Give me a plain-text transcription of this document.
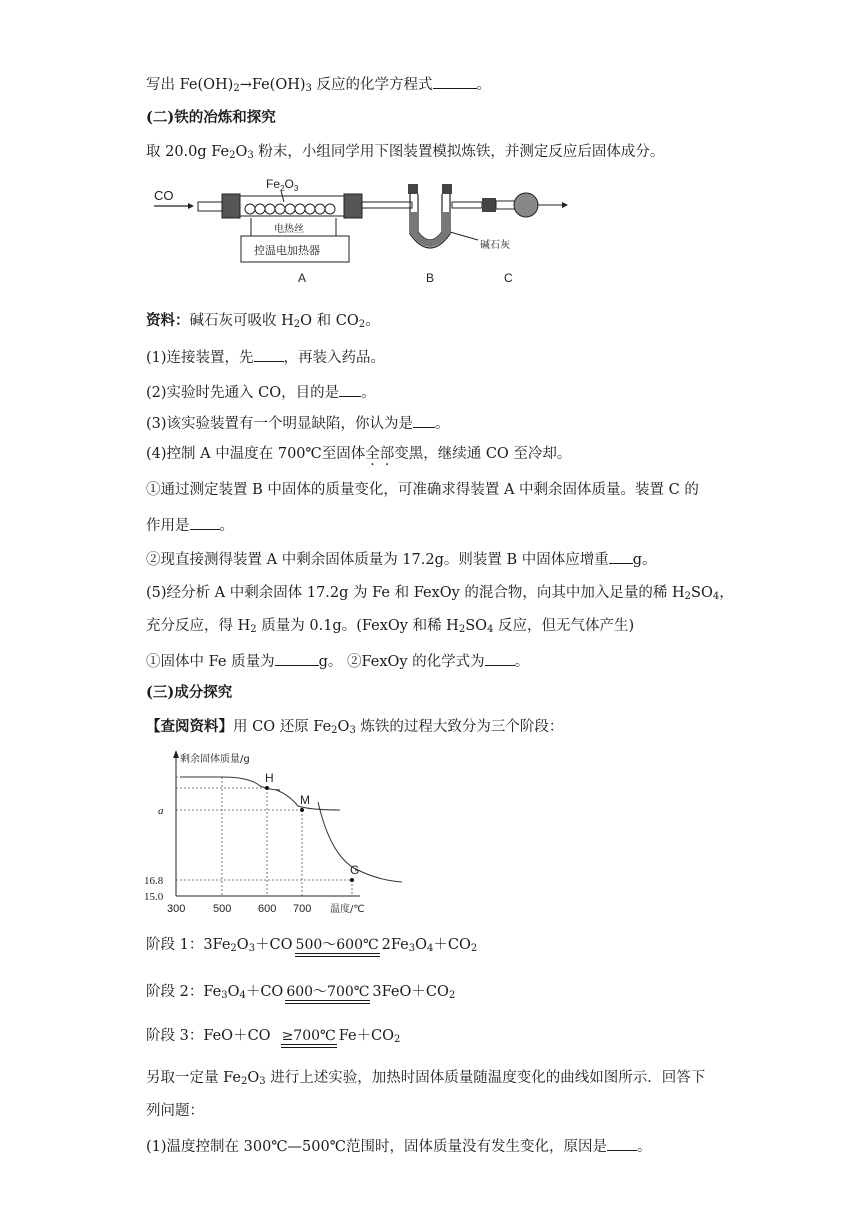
写出 $Fe(OH)_2\to Fe(OH)_3$ 反应的化学方程式	。
(二)铁的冶炼和探究
取 20.0g $Fe_2O_3$ 粉末，小组同学用下图装置模拟炼铁，并测定反应后固体成分。
CO
$Fe_2O_3$
电热丝
控温电加热器
A
碱石灰
B	C
资料：碱石灰可吸收 $H_2O$ 和 $CO_2$。
(1)连接装置，先 ，再装入药品。
(2)实验时先通入 CO，目的是 。
(3)该实验装置有一个明显缺陷，你认为是 。
(4)控制 A 中温度在 700℃至固体全部变黑，继续通 CO 至冷却。
①通过测定装置 B 中固体的质量变化，可准确求得装置 A 中剩余固体质量。装置 C 的
作用是 。
②现直接测得装置 A 中剩余固体质量为 17.2g。则装置 B 中固体应增重 g。
(5)经分析 A 中剩余固体 17.2g 为 Fe 和 FexOy 的混合物，向其中加入足量的稀 $H_2SO_4$，
充分反应，得 $H_2$ 质量为 0.1g。(FexOy 和稀 $H_2SO_4$ 反应，但无气体产生)
①固体中 Fe 质量为	g。 ②FexOy 的化学式为 。
(三)成分探究
【查阅资料】用 CO 还原 $Fe_2O_3$ 炼铁的过程大致分为三个阶段：
剩余固体质量/g
温度/℃
300	500 600 700
15.0
16.8
a
H
M
G
阶段 1：$3Fe_2O_3+CO$ 500～600℃ $2Fe_3O_4+CO_2$
阶段 2：$Fe_3O_4+CO$ 600～700℃ $3FeO+CO_2$
阶段 3：FeO＋CO ≥700℃ $Fe+CO_2$
另取一定量 $Fe_2O_3$ 进行上述实验，加热时固体质量随温度变化的曲线如图所示．回答下
列问题：
(1)温度控制在 300℃—500℃范围时，固体质量没有发生变化，原因是 。
